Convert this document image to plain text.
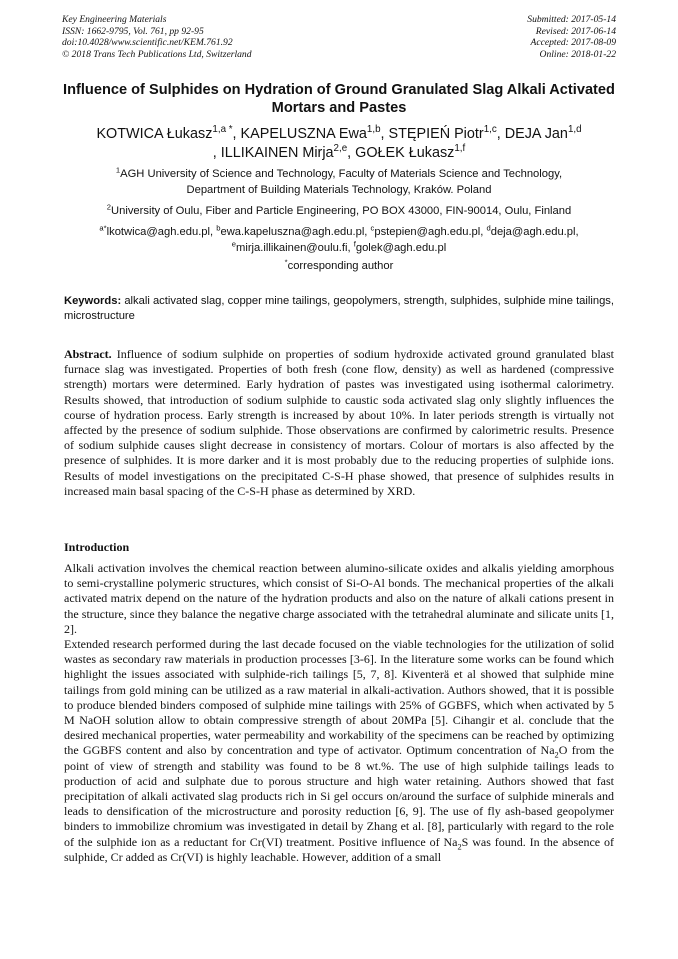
Key Engineering Materials
ISSN: 1662-9795, Vol. 761, pp 92-95
doi:10.4028/www.scientific.net/KEM.761.92
© 2018 Trans Tech Publications Ltd, Switzerland
Submitted: 2017-05-14
Revised: 2017-06-14
Accepted: 2017-08-09
Online: 2018-01-22
Influence of Sulphides on Hydration of Ground Granulated Slag Alkali Activated Mortars and Pastes
KOTWICA Łukasz$^{1,a *}$, KAPELUSZNA Ewa$^{1,b}$, STĘPIEŃ Piotr$^{1,c}$, DEJA Jan$^{1,d}$
, ILLIKAINEN Mirja$^{2,e}$, GOŁEK Łukasz$^{1,f}$
$^1$AGH University of Science and Technology, Faculty of Materials Science and Technology,
Department of Building Materials Technology, Kraków. Poland
$^2$University of Oulu, Fiber and Particle Engineering, PO BOX 43000, FIN-90014, Oulu, Finland
$^{a*}$lkotwica@agh.edu.pl, $^b$ewa.kapeluszna@agh.edu.pl, $^c$pstepien@agh.edu.pl, $^d$deja@agh.edu.pl,
$^e$mirja.illikainen@oulu.fi, $^f$golek@agh.edu.pl
*corresponding author
Keywords: alkali activated slag, copper mine tailings, geopolymers, strength, sulphides, sulphide mine tailings, microstructure
Abstract. Influence of sodium sulphide on properties of sodium hydroxide activated ground granulated blast furnace slag was investigated. Properties of both fresh (cone flow, density) as well as hardened (compressive strength) mortars were determined. Early hydration of pastes was investigated using isothermal calorimetry. Results showed, that introduction of sodium sulphide to caustic soda activated slag only slightly influences the course of hydration process. Early strength is increased by about 10%. In later periods strength is virtually not affected by the presence of sodium sulphide. Those observations are confirmed by calorimetric results. Presence of sodium sulphide causes slight decrease in consistency of mortars. Colour of mortars is also affected by the presence of sulphides. It is more darker and it is most probably due to the reducing properties of sulphide ions. Results of model investigations on the precipitated C-S-H phase showed, that presence of sulphides results in increased main basal spacing of the C-S-H phase as determined by XRD.
Introduction

Alkali activation involves the chemical reaction between alumino-silicate oxides and alkalis yielding amorphous to semi-crystalline polymeric structures, which consist of Si-O-Al bonds. The mechanical properties of the alkali activated matrix depend on the nature of the hydration products and also on the nature of alkali cations present in the structure, since they balance the negative charge associated with the tetrahedral aluminate and silicate units [1, 2].

Extended research performed during the last decade focused on the viable technologies for the utilization of solid wastes as secondary raw materials in production processes [3-6]. In the literature some works can be found which highlight the issues associated with sulphide-rich tailings [5, 7, 8]. Kiventerä et al showed that sulphide mine tailings from gold mining can be utilized as a raw material in alkali-activation. Authors showed, that it is possible to produce blended binders composed of sulphide mine tailings with 25% of GGBFS, which when activated by 5 M NaOH solution allow to obtain compressive strength of about 20MPa [5]. Cihangir et al. conclude that the desired mechanical properties, water permeability and workability of the specimens can be reached by optimizing the GGBFS content and also by concentration and type of activator. Optimum concentration of $Na_2O$ from the point of view of strength and stability was found to be 8 wt.%. The use of high sulphide tailings leads to production of acid and sulphate due to porous structure and high water retaining. Authors showed that fast precipitation of alkali activated slag products rich in Si gel occurs on/around the surface of sulphide minerals and leads to densification of the microstructure and porosity reduction [6, 9]. The use of fly ash-based geopolymer binders to immobilize chromium was investigated in detail by Zhang et al. [8], particularly with regard to the role of the sulphide ion as a reductant for Cr(VI) treatment. Positive influence of $Na_2S$ was found. In the absence of sulphide, Cr added as Cr(VI) is highly leachable. However, addition of a small
